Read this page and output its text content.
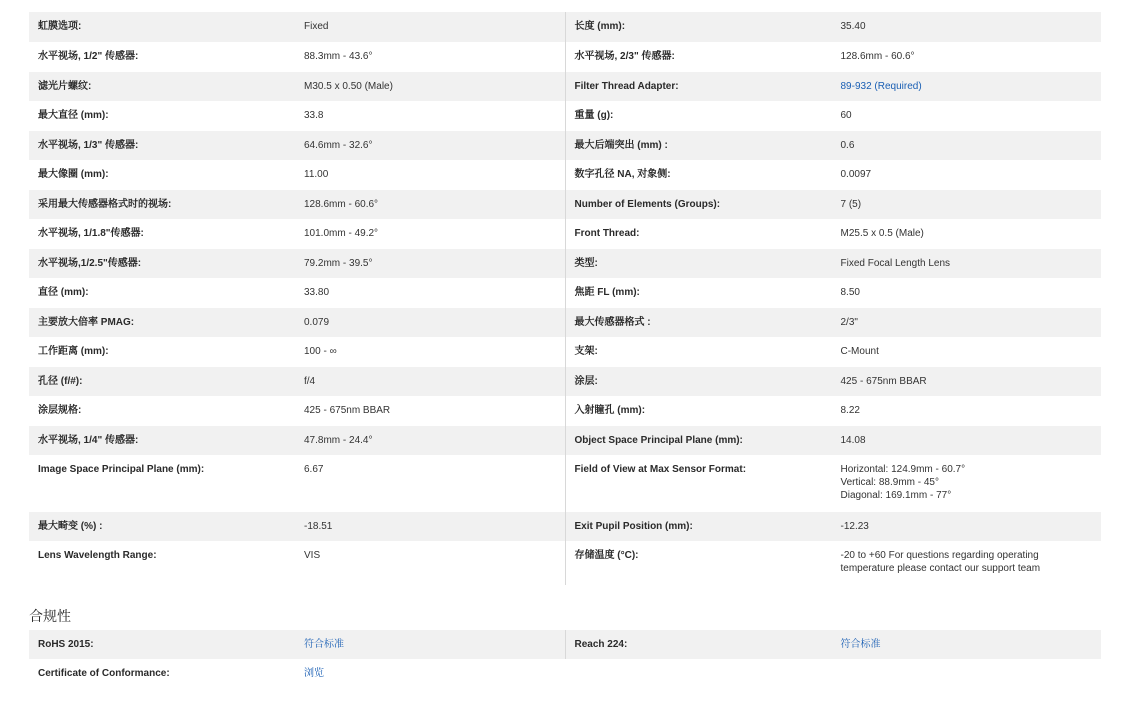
虹膜选项:	Fixed	长度 (mm):	35.40
水平视场, 1/2" 传感器:	88.3mm - 43.6°	水平视场, 2/3" 传感器:	128.6mm - 60.6°
滤光片螺纹:	M30.5 x 0.50 (Male)	Filter Thread Adapter:	89-932 (Required)
最大直径 (mm):	33.8	重量 (g):	60
水平视场, 1/3" 传感器:	64.6mm - 32.6°	最大后端突出 (mm) :	0.6
最大像圈 (mm):	11.00	数字孔径 NA, 对象侧:	0.0097
采用最大传感器格式时的视场:	128.6mm - 60.6°	Number of Elements (Groups):	7 (5)
水平视场, 1/1.8"传感器:	101.0mm - 49.2°	Front Thread:	M25.5 x 0.5 (Male)
水平视场,1/2.5"传感器:	79.2mm - 39.5°	类型:	Fixed Focal Length Lens
直径 (mm):	33.80	焦距 FL (mm):	8.50
主要放大倍率 PMAG:	0.079	最大传感器格式 :	2/3"
工作距离 (mm):	100 - ∞	支架:	C-Mount
孔径 (f/#):	f/4	涂层:	425 - 675nm BBAR
涂层规格:	425 - 675nm BBAR	入射瞳孔 (mm):	8.22
水平视场, 1/4" 传感器:	47.8mm - 24.4°	Object Space Principal Plane (mm):	14.08
Image Space Principal Plane (mm):	6.67	Field of View at Max Sensor Format:	Horizontal: 124.9mm - 60.7°
Vertical: 88.9mm - 45°
Diagonal: 169.1mm - 77°
最大畸变 (%) :	-18.51	Exit Pupil Position (mm):	-12.23
Lens Wavelength Range:	VIS	存储温度 (°C):	-20 to +60 For questions regarding operating
temperature please contact our support team
合规性
RoHS 2015:	符合标准	Reach 224:	符合标准
Certificate of Conformance:	浏览
